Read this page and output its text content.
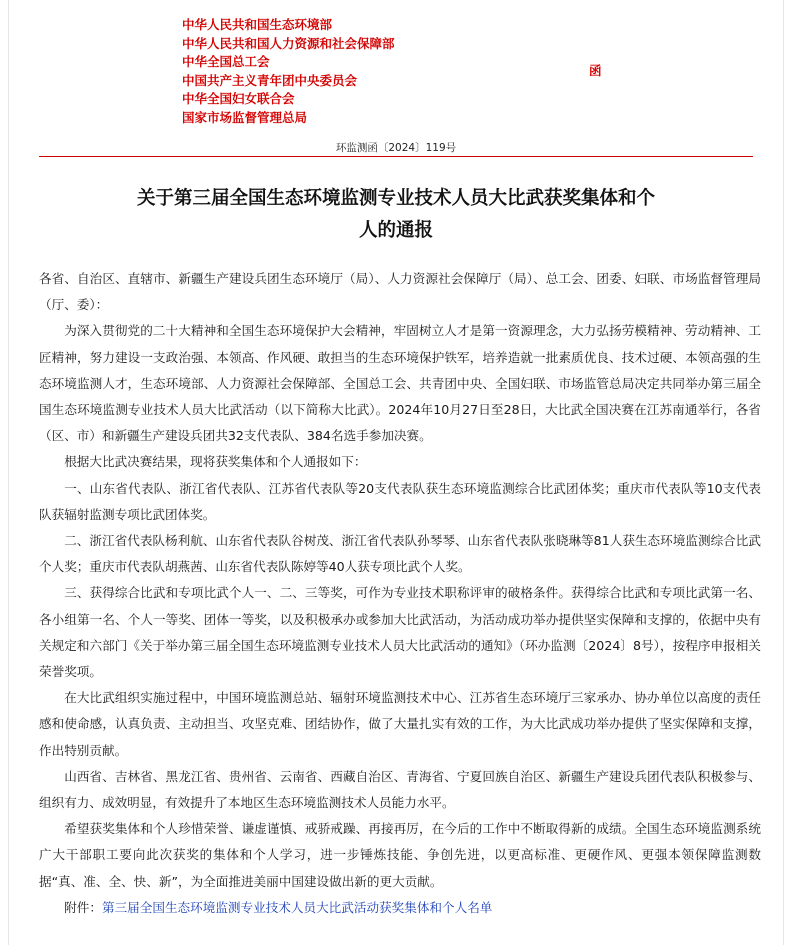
中华人民共和国生态环境部
中华人民共和国人力资源和社会保障部
中华全国总工会
中国共产主义青年团中央委员会
中华全国妇女联合会
国家市场监督管理总局
函
环监测函〔2024〕119号
关于第三届全国生态环境监测专业技术人员大比武获奖集体和个
人的通报

各省、自治区、直辖市、新疆生产建设兵团生态环境厅（局）、人力资源社会保障厅（局）、总工会、团委、妇联、市场监督管理局（厅、委）：

为深入贯彻党的二十大精神和全国生态环境保护大会精神，牢固树立人才是第一资源理念，大力弘扬劳模精神、劳动精神、工匠精神，努力建设一支政治强、本领高、作风硬、敢担当的生态环境保护铁军，培养造就一批素质优良、技术过硬、本领高强的生态环境监测人才，生态环境部、人力资源社会保障部、全国总工会、共青团中央、全国妇联、市场监管总局决定共同举办第三届全国生态环境监测专业技术人员大比武活动（以下简称大比武）。2024年10月27日至28日，大比武全国决赛在江苏南通举行，各省（区、市）和新疆生产建设兵团共32支代表队、384名选手参加决赛。

根据大比武决赛结果，现将获奖集体和个人通报如下：

一、山东省代表队、浙江省代表队、江苏省代表队等20支代表队获生态环境监测综合比武团体奖；重庆市代表队等10支代表队获辐射监测专项比武团体奖。

二、浙江省代表队杨利航、山东省代表队谷树茂、浙江省代表队孙琴琴、山东省代表队张晓琳等81人获生态环境监测综合比武个人奖；重庆市代表队胡燕茜、山东省代表队陈婷等40人获专项比武个人奖。

三、获得综合比武和专项比武个人一、二、三等奖，可作为专业技术职称评审的破格条件。获得综合比武和专项比武第一名、各小组第一名、个人一等奖、团体一等奖，以及积极承办或参加大比武活动，为活动成功举办提供坚实保障和支撑的，依据中央有关规定和六部门《关于举办第三届全国生态环境监测专业技术人员大比武活动的通知》（环办监测〔2024〕8号），按程序申报相关荣誉奖项。

在大比武组织实施过程中，中国环境监测总站、辐射环境监测技术中心、江苏省生态环境厅三家承办、协办单位以高度的责任感和使命感，认真负责、主动担当、攻坚克难、团结协作，做了大量扎实有效的工作，为大比武成功举办提供了坚实保障和支撑，作出特别贡献。

山西省、吉林省、黑龙江省、贵州省、云南省、西藏自治区、青海省、宁夏回族自治区、新疆生产建设兵团代表队积极参与、组织有力、成效明显，有效提升了本地区生态环境监测技术人员能力水平。

希望获奖集体和个人珍惜荣誉、谦虚谨慎、戒骄戒躁、再接再厉，在今后的工作中不断取得新的成绩。全国生态环境监测系统广大干部职工要向此次获奖的集体和个人学习，进一步锤炼技能、争创先进，以更高标准、更硬作风、更强本领保障监测数据“真、准、全、快、新”，为全面推进美丽中国建设做出新的更大贡献。

附件：第三届全国生态环境监测专业技术人员大比武活动获奖集体和个人名单
